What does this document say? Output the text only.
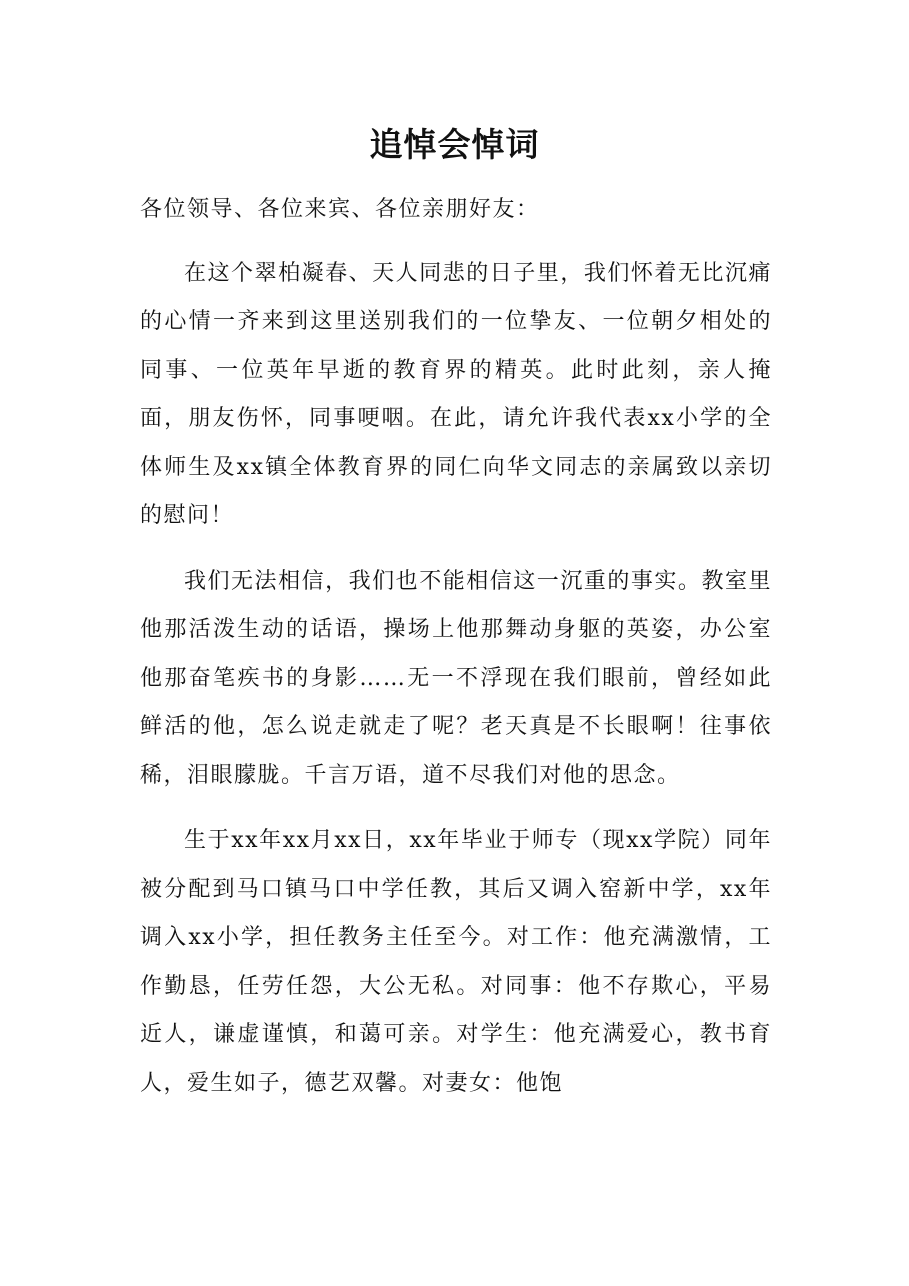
追悼会悼词

各位领导、各位来宾、各位亲朋好友：

在这个翠柏凝春、天人同悲的日子里，我们怀着无比沉痛的心情一齐来到这里送别我们的一位挚友、一位朝夕相处的同事、一位英年早逝的教育界的精英。此时此刻，亲人掩面，朋友伤怀，同事哽咽。在此，请允许我代表xx小学的全体师生及xx镇全体教育界的同仁向华文同志的亲属致以亲切的慰问！

我们无法相信，我们也不能相信这一沉重的事实。教室里他那活泼生动的话语，操场上他那舞动身躯的英姿，办公室他那奋笔疾书的身影……无一不浮现在我们眼前，曾经如此鲜活的他，怎么说走就走了呢？老天真是不长眼啊！往事依稀，泪眼朦胧。千言万语，道不尽我们对他的思念。

生于xx年xx月xx日，xx年毕业于师专（现xx学院）同年被分配到马口镇马口中学任教，其后又调入窑新中学，xx年调入xx小学，担任教务主任至今。对工作：他充满激情，工作勤恳，任劳任怨，大公无私。对同事：他不存欺心，平易近人，谦虚谨慎，和蔼可亲。对学生：他充满爱心，教书育人，爱生如子，德艺双馨。对妻女：他饱
